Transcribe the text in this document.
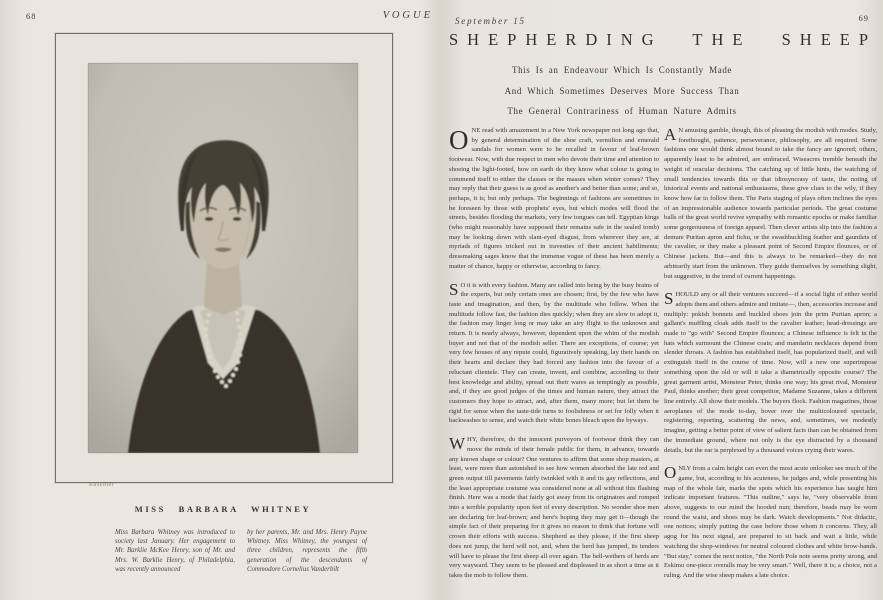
68	VOGUE
Kasebier
MISS BARBARA WHITNEY
Miss Barbara Whitney was introduced to society last January. Her engagement to Mr. Barklie McKee Henry, son of Mr. and Mrs. W. Barklie Henry, of Philadelphia, was recently announced
by her parents, Mr. and Mrs. Henry Payne Whitney. Miss Whitney, the youngest of three children, represents the fifth generation of the descendants of Commodore Cornelius Vanderbilt
September 15	69
SHEPHERDING THE SHEEP
This Is an Endeavour Which Is Constantly Made
And Which Sometimes Deserves More Success Than
The General Contrariness of Human Nature Admits

ONE read with amazement in a New York newspaper not long ago that, by general determination of the shoe craft, vermilion and emerald sandals for women were to be recalled in favour of leaf-brown footwear. Now, with due respect to men who devote their time and attention to shoeing the light-footed, how on earth do they know what colour is going to commend itself to either the classes or the masses when winter comes? They may reply that their guess is as good as another's and better than some; and so, perhaps, it is; but only perhaps. The beginnings of fashions are sometimes to be foreseen by those with prophets' eyes, but which modes will flood the streets, besides flooding the markets, very few tongues can tell. Egyptian kings (who might reasonably have supposed their remains safe in the sealed tomb) may be looking down with slant-eyed disgust, from wherever they are, at myriads of figures tricked out in travesties of their ancient habiliments; dressmaking sages know that the immense vogue of these has been merely a matter of chance, happy or otherwise, according to fancy.

S O it is with every fashion. Many are called into being by the busy brains of the experts, but only certain ones are chosen; first, by the few who have taste and imagination, and then, by the multitude who follow. When the multitude follow fast, the fashion dies quickly; when they are slow to adopt it, the fashion may linger long or may take an airy flight to the unknown and return. It is nearly always, however, dependent upon the whim of the modish buyer and not that of the modish seller. There are exceptions, of course; yet very few houses of any repute could, figuratively speaking, lay their hands on their hearts and declare they had forced any fashion into the favour of a reluctant clientele. They can create, invent, and combine, according to their best knowledge and ability, spread out their wares as temptingly as possible, and, if they are good judges of the times and human nature, they attract the customers they hope to attract, and, after them, many more; but let them be rigid for sense when the taste-tide turns to foolishness or set for folly when it backwashes to sense, and watch their white bones bleach upon the byways.

WHY, therefore, do the innocent purveyors of footwear think they can move the minds of their female public for them, in advance, towards any known shape or colour? One ventures to affirm that some shop masters, at least, were more than astonished to see how women absorbed the late red and green output till pavements fairly twinkled with it and its gay reflections, and the least appropriate costume was considered none at all without this flashing finish. Here was a mode that fairly got away from its originators and romped into a terrible popularity upon feet of every description. No wonder shoe men are declaring for leaf-brown; and here's hoping they may get it—though the simple fact of their preparing for it gives no reason to think that fortune will crown their efforts with success. Shepherd as they please, if the first sheep does not jump, the herd will not, and, when the herd has jumped, its tenders will have to please the first sheep all over again. The bell-wethers of herds are very wayward. They seem to be pleased and displeased in as short a time as it takes the mob to follow them.

A N amusing gamble, though, this of pleasing the modish with modes. Study, forethought, patience, perseverance, philosophy, are all required. Some fashions one would think almost bound to take the fancy are ignored; others, apparently least to be admired, are embraced. Wiseacres tremble beneath the weight of oracular decisions. The catching up of little hints, the watching of small tendencies towards this or that idiosyncrasy of taste, the noting of historical events and national enthusiasms, these give clues to the wily, if they know how far to follow them. The Paris staging of plays often inclines the eyes of an impressionable audience towards particular periods. The great costume balls of the great world revive sympathy with romantic epochs or make familiar some gorgeousness of foreign apparel. Then clever artists slip into the fashion a demure Puritan apron and fichu, or the swashbuckling feather and gauntlets of the cavalier, or they make a pleasant point of Second Empire flounces, or of Chinese jackets. But—and this is always to be remarked—they do not arbitrarily start from the unknown. They guide themselves by something slight, but suggestive, in the trend of current happenings.

SHOULD any or all their ventures succeed—if a social light of either world adopts them and others admire and imitate—, then, accessories increase and multiply: pokish bonnets and buckled shoes join the prim Puritan apron; a gallant's muffling cloak adds itself to the cavalier leather; head-dressings are made to "go with" Second Empire flounces; a Chinese influence is felt in the hats which surmount the Chinese coats; and mandarin necklaces depend from slender throats. A fashion has established itself, has popularized itself, and will extinguish itself in the course of time. Now, will a new one superimpose something upon the old or will it take a diametrically opposite course? The great garment artist, Monsieur Peter, thinks one way; his great rival, Monsieur Paul, thinks another; their great competitor, Madame Suzanne, takes a different line entirely. All show their models. The buyers flock. Fashion magazines, those aeroplanes of the mode to-day, hover over the multicoloured spectacle, registering, reporting, scattering the news, and, sometimes, we modestly imagine, getting a better point of view of salient facts than can be obtained from the immediate ground, where not only is the eye distracted by a thousand details, but the ear is perplexed by a thousand voices crying their wares.

ONLY from a calm height can even the most acute onlooker see much of the game, but, according to his acuteness, he judges and, while presenting his map of the whole fair, marks the spots which his experience has taught him indicate important features. "This outline," says he, "very observable from above, suggests to our mind the hooded nun; therefore, beads may be worn round the waist, and shoes may be dark. Watch developments." Not didactic, one notices; simply putting the case before those whom it concerns. They, all agog for his next signal, are prepared to sit back and wait a little, while watching the shop-windows for neutral coloured clothes and white brow-bands. "But stay," comes the next notice, "the North Pole note seems pretty strong, and Eskimo one-piece overalls may be very smart." Well, there it is; a choice, not a ruling. And the wise sheep makes a late choice.
